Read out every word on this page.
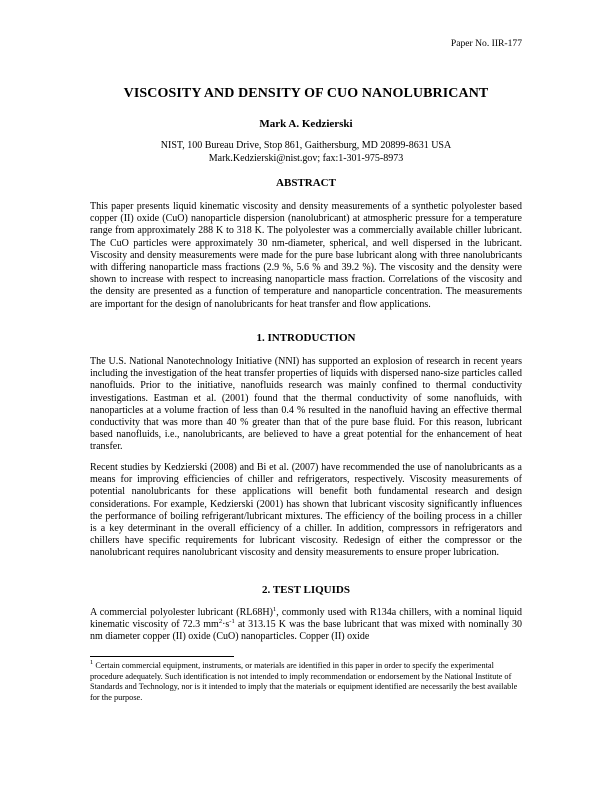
Paper No. IIR-177
VISCOSITY AND DENSITY OF CUO NANOLUBRICANT
Mark A. Kedzierski
NIST, 100 Bureau Drive, Stop 861, Gaithersburg, MD 20899-8631 USA
Mark.Kedzierski@nist.gov; fax:1-301-975-8973
ABSTRACT

This paper presents liquid kinematic viscosity and density measurements of a synthetic polyolester based copper (II) oxide (CuO) nanoparticle dispersion (nanolubricant) at atmospheric pressure for a temperature range from approximately 288 K to 318 K. The polyolester was a commercially available chiller lubricant. The CuO particles were approximately 30 nm-diameter, spherical, and well dispersed in the lubricant. Viscosity and density measurements were made for the pure base lubricant along with three nanolubricants with differing nanoparticle mass fractions (2.9 %, 5.6 % and 39.2 %). The viscosity and the density were shown to increase with respect to increasing nanoparticle mass fraction. Correlations of the viscosity and the density are presented as a function of temperature and nanoparticle concentration. The measurements are important for the design of nanolubricants for heat transfer and flow applications.

1. INTRODUCTION

The U.S. National Nanotechnology Initiative (NNI) has supported an explosion of research in recent years including the investigation of the heat transfer properties of liquids with dispersed nano-size particles called nanofluids. Prior to the initiative, nanofluids research was mainly confined to thermal conductivity investigations. Eastman et al. (2001) found that the thermal conductivity of some nanofluids, with nanoparticles at a volume fraction of less than 0.4 % resulted in the nanofluid having an effective thermal conductivity that was more than 40 % greater than that of the pure base fluid. For this reason, lubricant based nanofluids, i.e., nanolubricants, are believed to have a great potential for the enhancement of heat transfer.

Recent studies by Kedzierski (2008) and Bi et al. (2007) have recommended the use of nanolubricants as a means for improving efficiencies of chiller and refrigerators, respectively. Viscosity measurements of potential nanolubricants for these applications will benefit both fundamental research and design considerations. For example, Kedzierski (2001) has shown that lubricant viscosity significantly influences the performance of boiling refrigerant/lubricant mixtures. The efficiency of the boiling process in a chiller is a key determinant in the overall efficiency of a chiller. In addition, compressors in refrigerators and chillers have specific requirements for lubricant viscosity. Redesign of either the compressor or the nanolubricant requires nanolubricant viscosity and density measurements to ensure proper lubrication.

2. TEST LIQUIDS

A commercial polyolester lubricant $(RL68H)^1$, commonly used with R134a chillers, with a nominal liquid kinematic viscosity of 72.3 $mm^2\cdot s^{-1}$ at 313.15 K was the base lubricant that was mixed with nominally 30 nm diameter copper (II) oxide (CuO) nanoparticles. Copper (II) oxide

$^1$ Certain commercial equipment, instruments, or materials are identified in this paper in order to specify the experimental procedure adequately. Such identification is not intended to imply recommendation or endorsement by the National Institute of Standards and Technology, nor is it intended to imply that the materials or equipment identified are necessarily the best available for the purpose.
